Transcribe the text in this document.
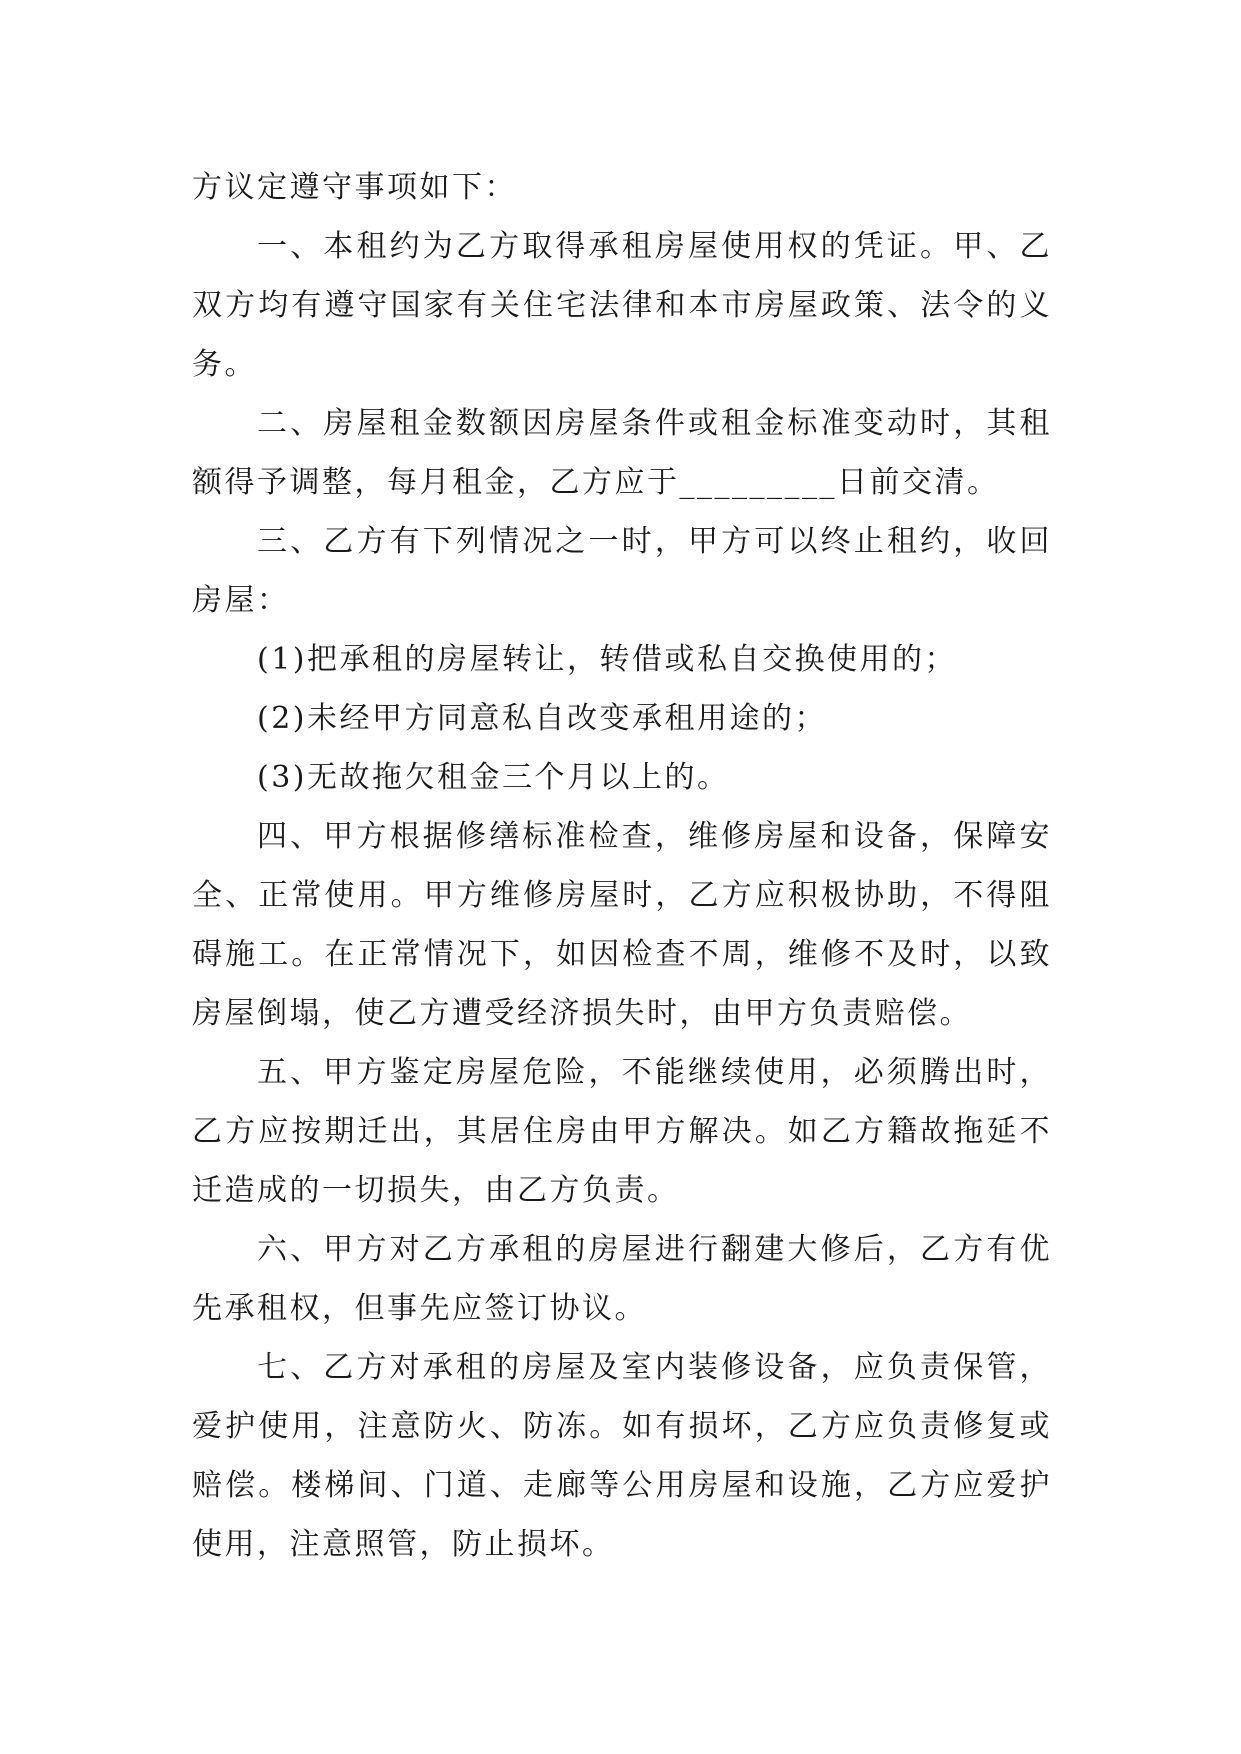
方议定遵守事项如下：

一、本租约为乙方取得承租房屋使用权的凭证。甲、乙双方均有遵守国家有关住宅法律和本市房屋政策、法令的义务。

二、房屋租金数额因房屋条件或租金标准变动时，其租额得予调整，每月租金，乙方应于_________日前交清。

三、乙方有下列情况之一时，甲方可以终止租约，收回房屋：

(1)把承租的房屋转让，转借或私自交换使用的；

(2)未经甲方同意私自改变承租用途的；

(3)无故拖欠租金三个月以上的。

四、甲方根据修缮标准检查，维修房屋和设备，保障安全、正常使用。甲方维修房屋时，乙方应积极协助，不得阻碍施工。在正常情况下，如因检查不周，维修不及时，以致房屋倒塌，使乙方遭受经济损失时，由甲方负责赔偿。

五、甲方鉴定房屋危险，不能继续使用，必须腾出时，乙方应按期迁出，其居住房由甲方解决。如乙方籍故拖延不迁造成的一切损失，由乙方负责。

六、甲方对乙方承租的房屋进行翻建大修后，乙方有优先承租权，但事先应签订协议。

七、乙方对承租的房屋及室内装修设备，应负责保管，爱护使用，注意防火、防冻。如有损坏，乙方应负责修复或赔偿。楼梯间、门道、走廊等公用房屋和设施，乙方应爱护使用，注意照管，防止损坏。
